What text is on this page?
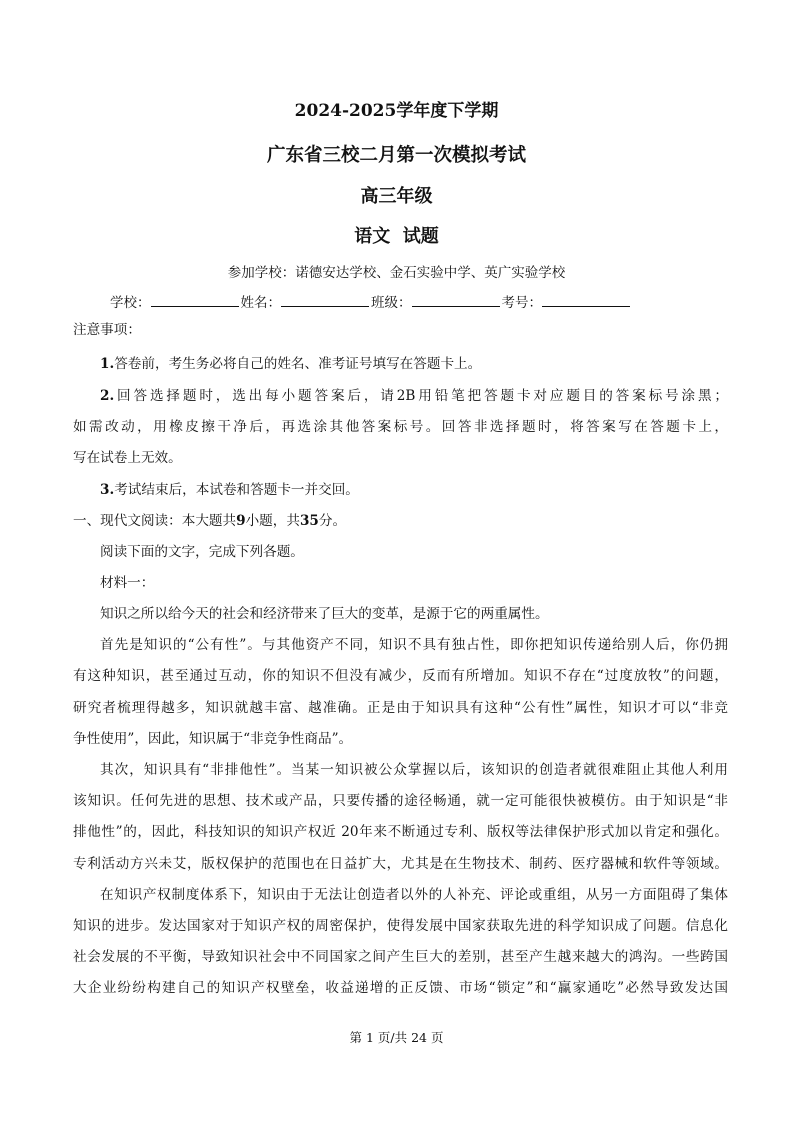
2024-2025学年度下学期
广东省三校二月第一次模拟考试
高三年级
语文  试题
参加学校：诺德安达学校、金石实验中学、英广实验学校
学校：	姓名：	班级：	考号：
注意事项：
1.答卷前，考生务必将自己的姓名、准考证号填写在答题卡上。
2.回答选择题时，选出每小题答案后，请2B用铅笔把答题卡对应题目的答案标号涂黑；
如需改动，用橡皮擦干净后，再选涂其他答案标号。回答非选择题时，将答案写在答题卡上，
写在试卷上无效。
3.考试结束后，本试卷和答题卡一并交回。
一、现代文阅读：本大题共9小题，共35分。
阅读下面的文字，完成下列各题。
材料一：
知识之所以给今天的社会和经济带来了巨大的变革，是源于它的两重属性。
首先是知识的“公有性”。与其他资产不同，知识不具有独占性，即你把知识传递给别人后，你仍拥
有这种知识，甚至通过互动，你的知识不但没有减少，反而有所增加。知识不存在“过度放牧”的问题，
研究者梳理得越多，知识就越丰富、越准确。正是由于知识具有这种“公有性”属性，知识才可以“非竞
争性使用”，因此，知识属于“非竞争性商品”。
其次，知识具有“非排他性”。当某一知识被公众掌握以后，该知识的创造者就很难阻止其他人利用
该知识。任何先进的思想、技术或产品，只要传播的途径畅通，就一定可能很快被模仿。由于知识是“非
排他性”的，因此，科技知识的知识产权近 20年来不断通过专利、版权等法律保护形式加以肯定和强化。
专利活动方兴未艾，版权保护的范围也在日益扩大，尤其是在生物技术、制药、医疗器械和软件等领域。
在知识产权制度体系下，知识由于无法让创造者以外的人补充、评论或重组，从另一方面阻碍了集体
知识的进步。发达国家对于知识产权的周密保护，使得发展中国家获取先进的科学知识成了问题。信息化
社会发展的不平衡，导致知识社会中不同国家之间产生巨大的差别，甚至产生越来越大的鸿沟。一些跨国
大企业纷纷构建自己的知识产权壁垒，收益递增的正反馈、市场“锁定”和“赢家通吃”必然导致发达国
第 1 页/共 24 页
